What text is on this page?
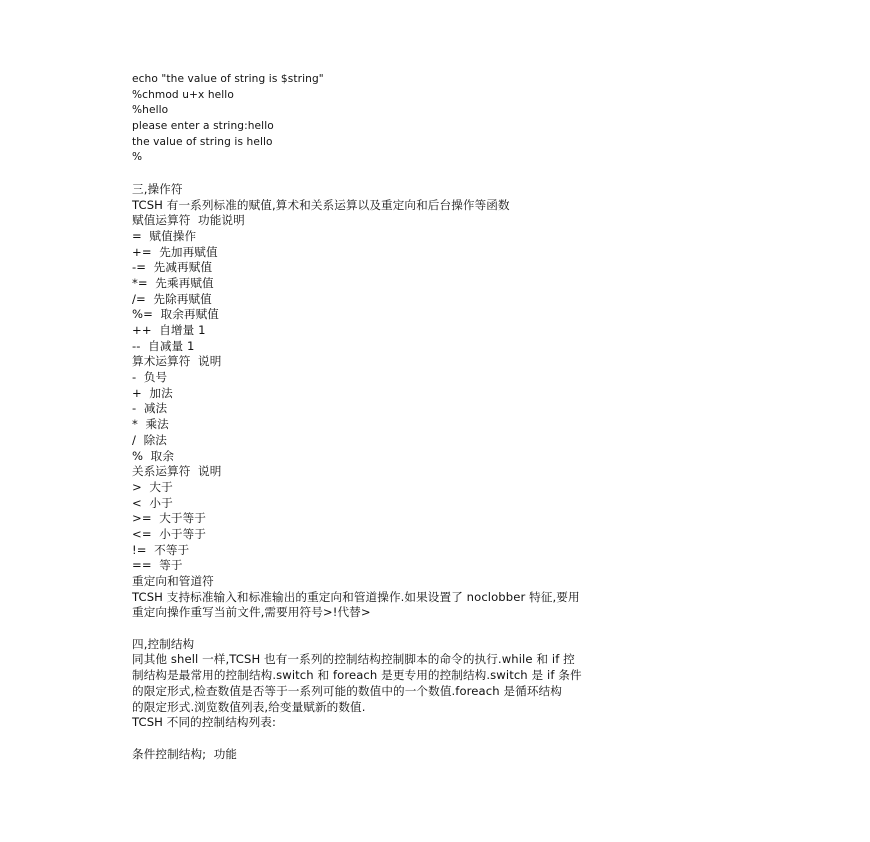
echo "the value of string is $string"
%chmod u+x hello
%hello
please enter a string:hello
the value of string is hello
%
三,操作符
TCSH 有一系列标准的赋值,算术和关系运算以及重定向和后台操作等函数
赋值运算符  功能说明
=  赋值操作
+=  先加再赋值
-=  先减再赋值
*=  先乘再赋值
/=  先除再赋值
%=  取余再赋值
++  自增量 1
--  自减量 1
算术运算符  说明
-  负号
+  加法
-  减法
*  乘法
/  除法
%  取余
关系运算符  说明
>  大于
<  小于
>=  大于等于
<=  小于等于
!=  不等于
==  等于
重定向和管道符
TCSH 支持标准输入和标准输出的重定向和管道操作.如果设置了 noclobber 特征,要用
重定向操作重写当前文件,需要用符号>!代替>
四,控制结构
同其他 shell 一样,TCSH 也有一系列的控制结构控制脚本的命令的执行.while 和 if 控
制结构是最常用的控制结构.switch 和 foreach 是更专用的控制结构.switch 是 if 条件
的限定形式,检查数值是否等于一系列可能的数值中的一个数值.foreach 是循环结构
的限定形式.浏览数值列表,给变量赋新的数值.
TCSH 不同的控制结构列表:
条件控制结构;  功能
